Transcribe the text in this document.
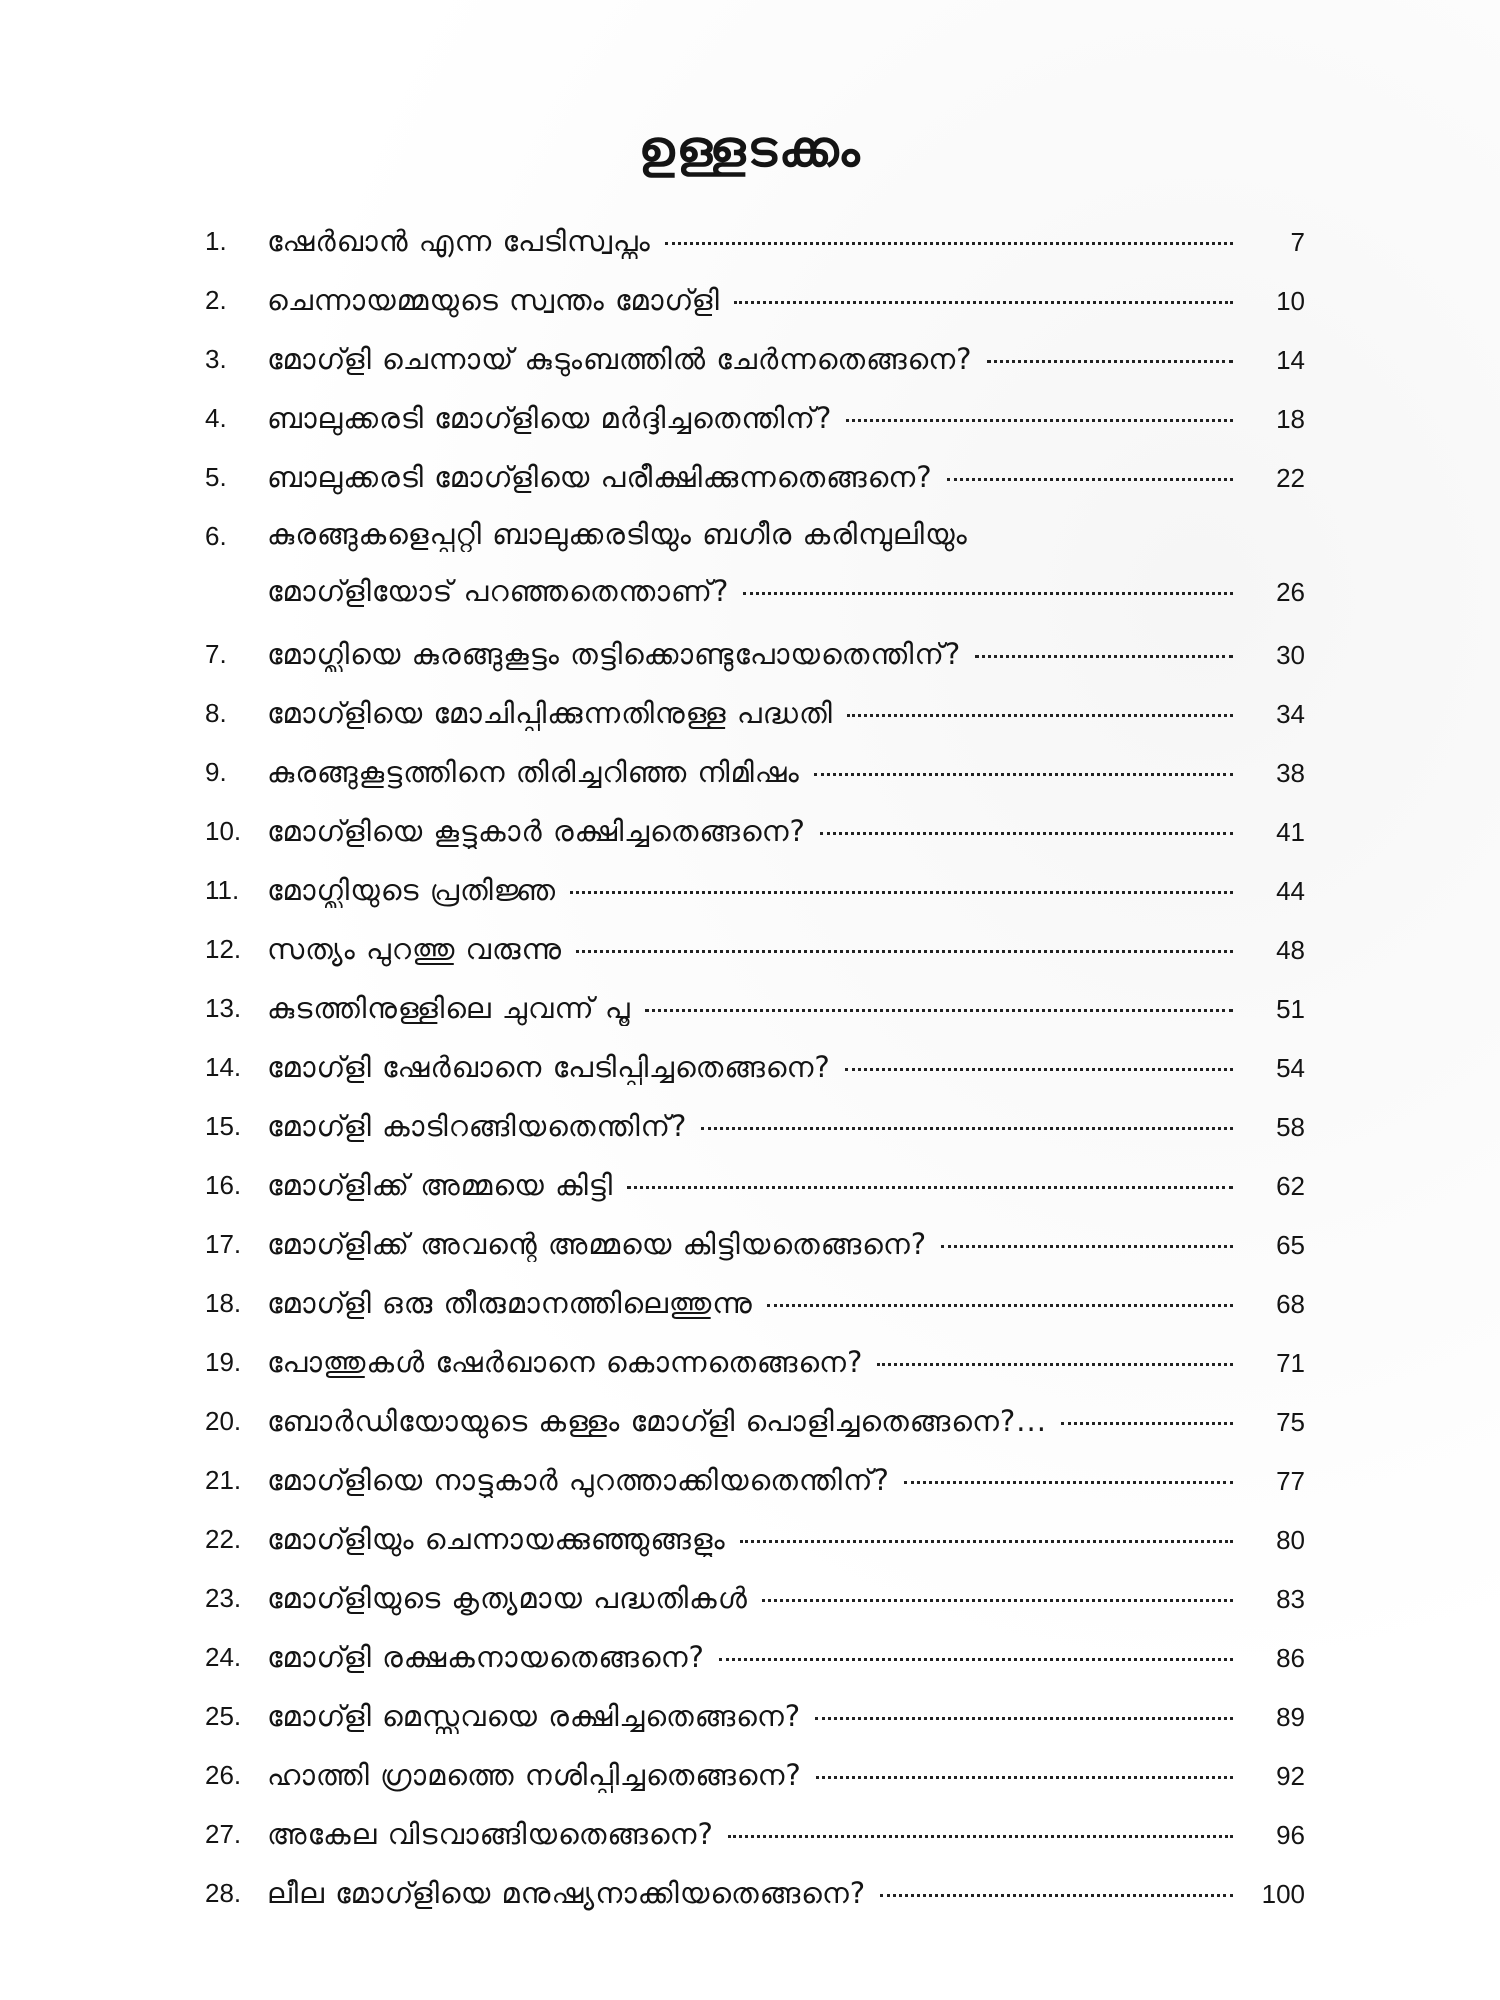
ഉള്ളടക്കം
1.	ഷേർഖാൻ എന്ന പേടിസ്വപ്നം	7
2.	ചെന്നായമ്മയുടെ സ്വന്തം മോഗ്ളി	10
3.	മോഗ്ളി ചെന്നായ് കുടുംബത്തിൽ ചേർന്നതെങ്ങനെ?	14
4.	ബാലുക്കരടി മോഗ്ളിയെ മർദ്ദിച്ചതെന്തിന്?	18
5.	ബാലുക്കരടി മോഗ്ളിയെ പരീക്ഷിക്കുന്നതെങ്ങനെ?	22
6.	കുരങ്ങുകളെപ്പറ്റി ബാലുക്കരടിയും ബഗീര കരിമ്പുലിയും
മോഗ്ളിയോട് പറഞ്ഞതെന്താണ്?	26
7.	മോഗ്ലിയെ കുരങ്ങുകൂട്ടം തട്ടിക്കൊണ്ടുപോയതെന്തിന്?	30
8.	മോഗ്ളിയെ മോചിപ്പിക്കുന്നതിനുള്ള പദ്ധതി	34
9.	കുരങ്ങുകൂട്ടത്തിനെ തിരിച്ചറിഞ്ഞ നിമിഷം	38
10. മോഗ്ളിയെ കൂട്ടുകാർ രക്ഷിച്ചതെങ്ങനെ?	41
11. മോഗ്ലിയുടെ പ്രതിജ്ഞ	44
12. സത്യം പുറത്തു വരുന്നു	48
13. കുടത്തിനുള്ളിലെ ചുവന്ന് പൂ	51
14. മോഗ്ളി ഷേർഖാനെ പേടിപ്പിച്ചതെങ്ങനെ?	54
15. മോഗ്ളി കാടിറങ്ങിയതെന്തിന്?	58
16. മോഗ്ളിക്ക് അമ്മയെ കിട്ടി	62
17. മോഗ്ളിക്ക് അവന്റെ അമ്മയെ കിട്ടിയതെങ്ങനെ?	65
18. മോഗ്ളി ഒരു തീരുമാനത്തിലെത്തുന്നു	68
19. പോത്തുകൾ ഷേർഖാനെ കൊന്നതെങ്ങനെ?	71
20. ബോർഡിയോയുടെ കള്ളം മോഗ്ളി പൊളിച്ചതെങ്ങനെ?...	75
21. മോഗ്ളിയെ നാട്ടുകാർ പുറത്താക്കിയതെന്തിന്?	77
22. മോഗ്ളിയും ചെന്നായക്കുഞ്ഞുങ്ങളും	80
23. മോഗ്ളിയുടെ കൃത്യമായ പദ്ധതികൾ	83
24. മോഗ്ളി രക്ഷകനായതെങ്ങനെ?	86
25. മോഗ്ളി മെസ്സുവയെ രക്ഷിച്ചതെങ്ങനെ?	89
26. ഹാത്തി ഗ്രാമത്തെ നശിപ്പിച്ചതെങ്ങനെ?	92
27. അകേല വിടവാങ്ങിയതെങ്ങനെ?	96
28. ലീല മോഗ്ളിയെ മനുഷ്യനാക്കിയതെങ്ങനെ?	100
